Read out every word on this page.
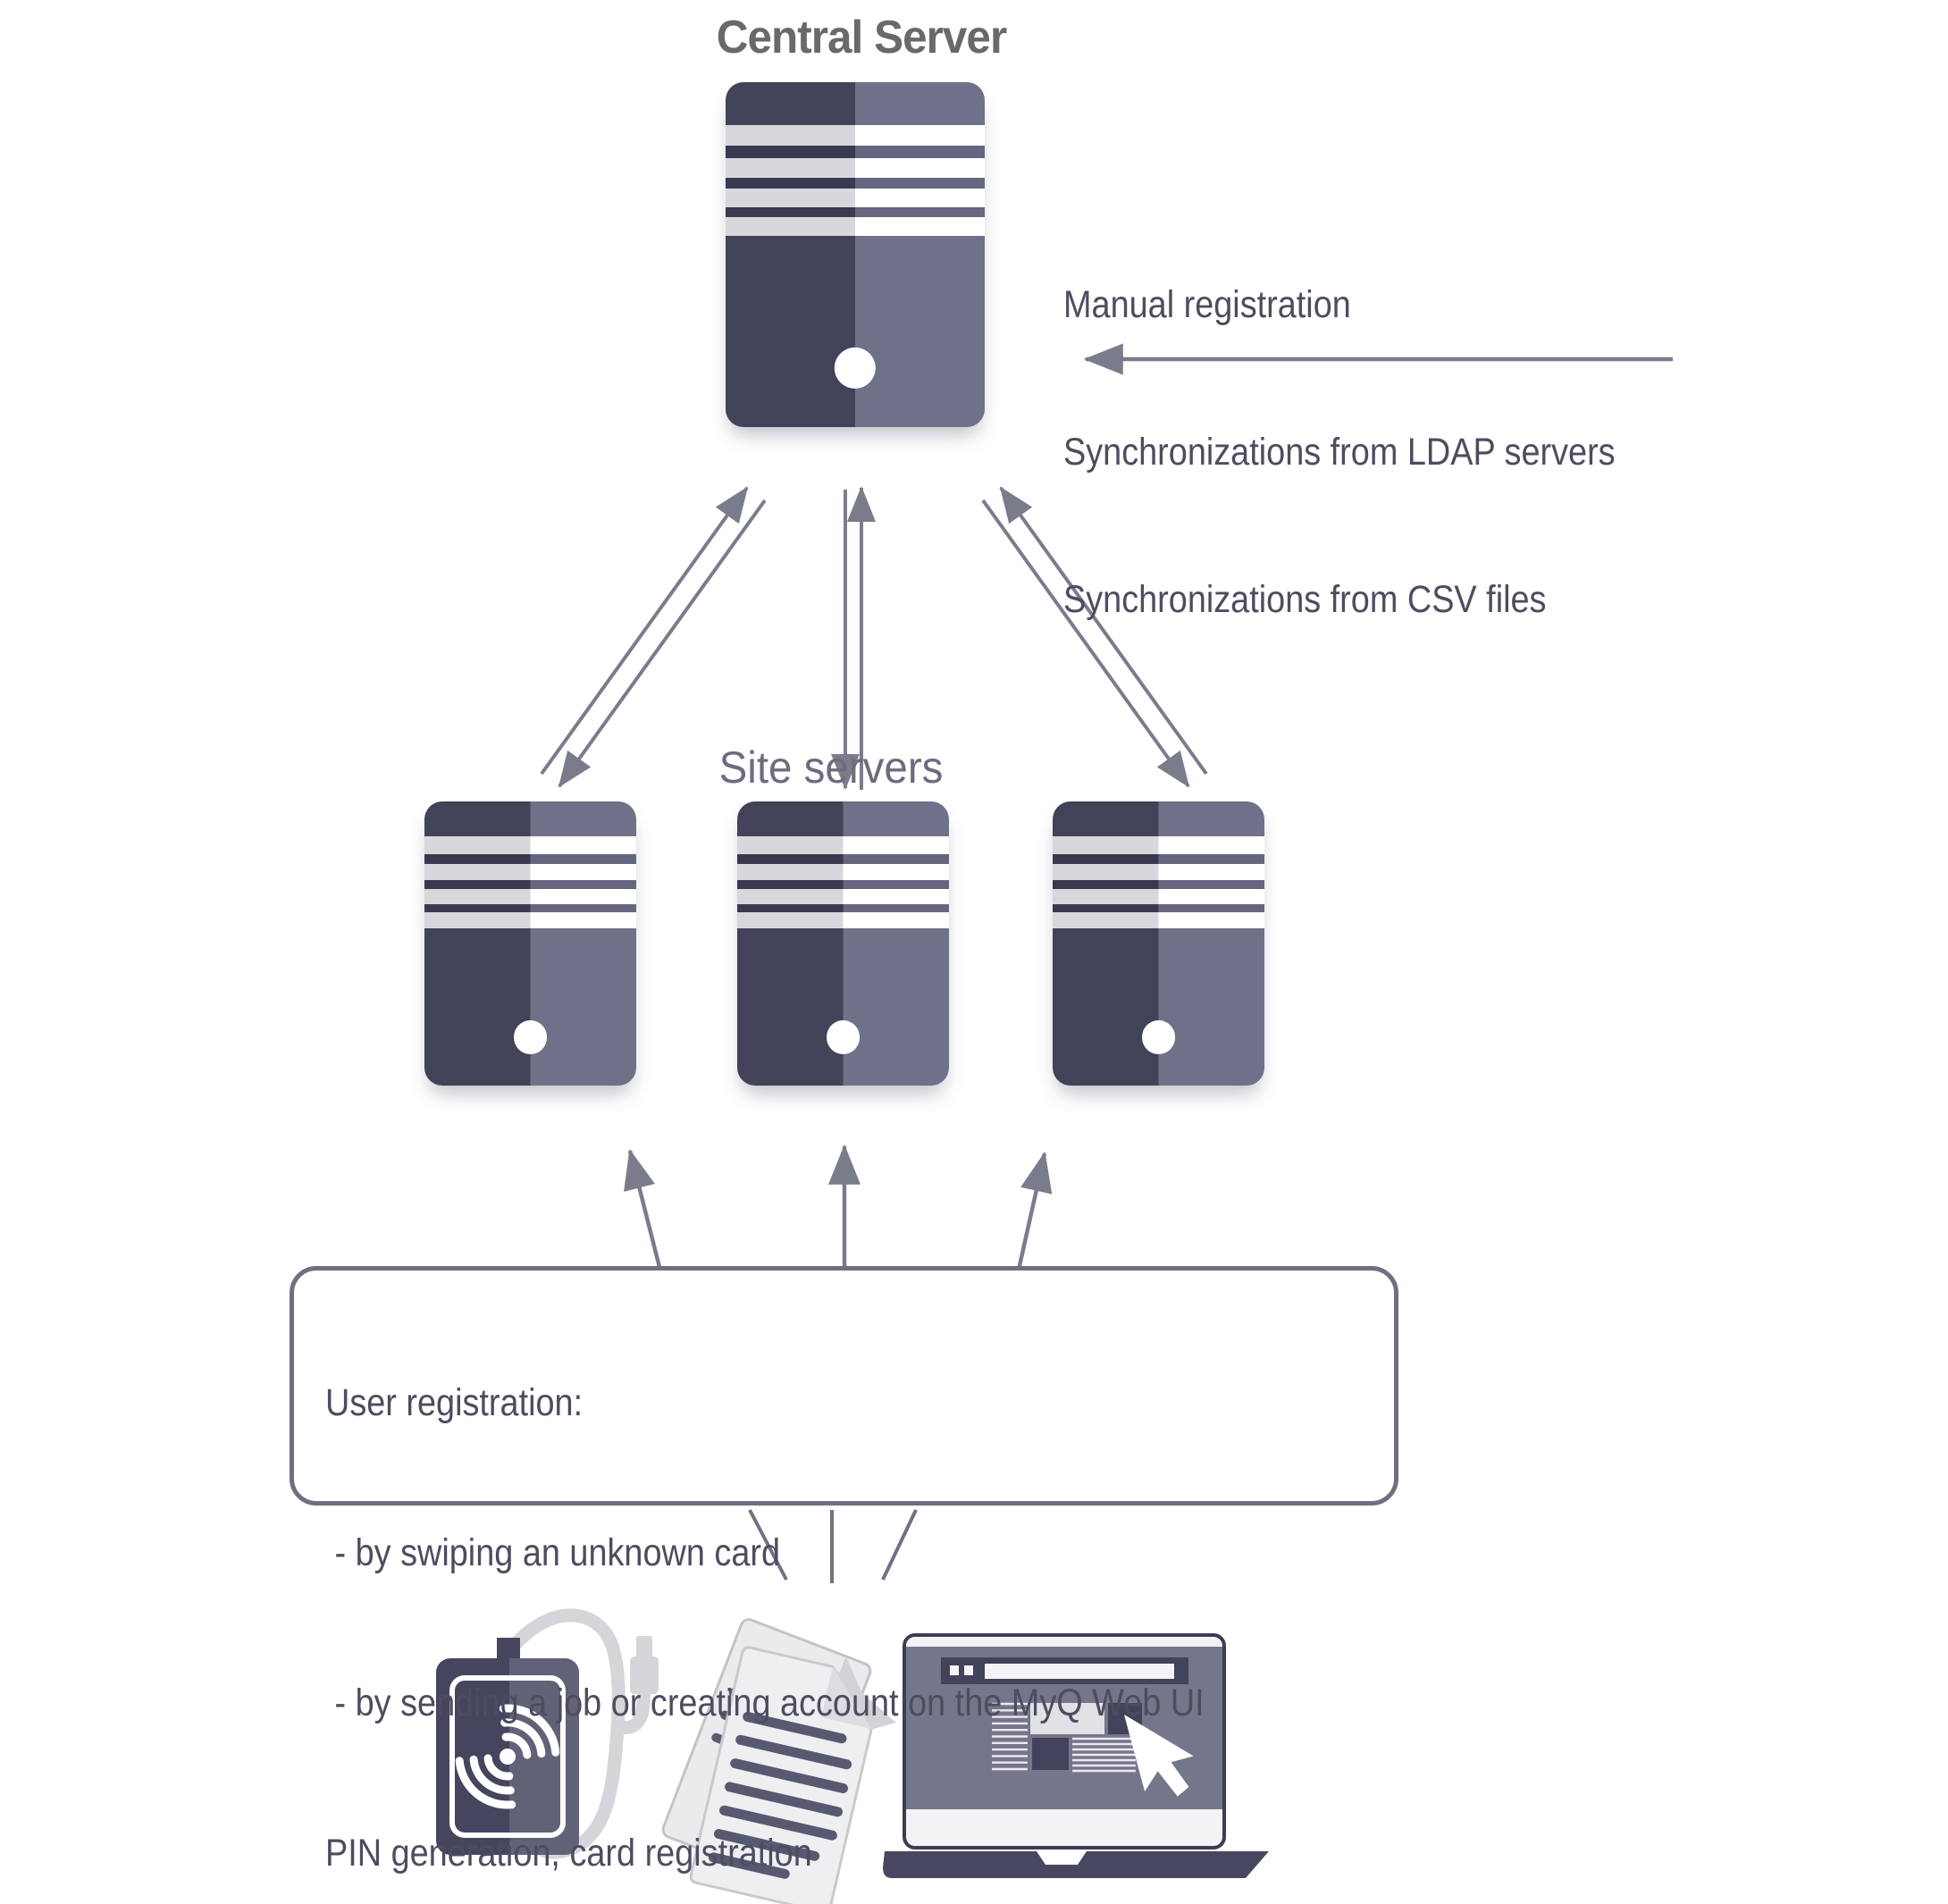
Central Server

Manual registration

Synchronizations from LDAP servers

Synchronizations from CSV files

Site servers

User registration:

- by swiping an unknown card

- by sending a job or creating account on the MyQ Web UI

PIN generation, card registration
